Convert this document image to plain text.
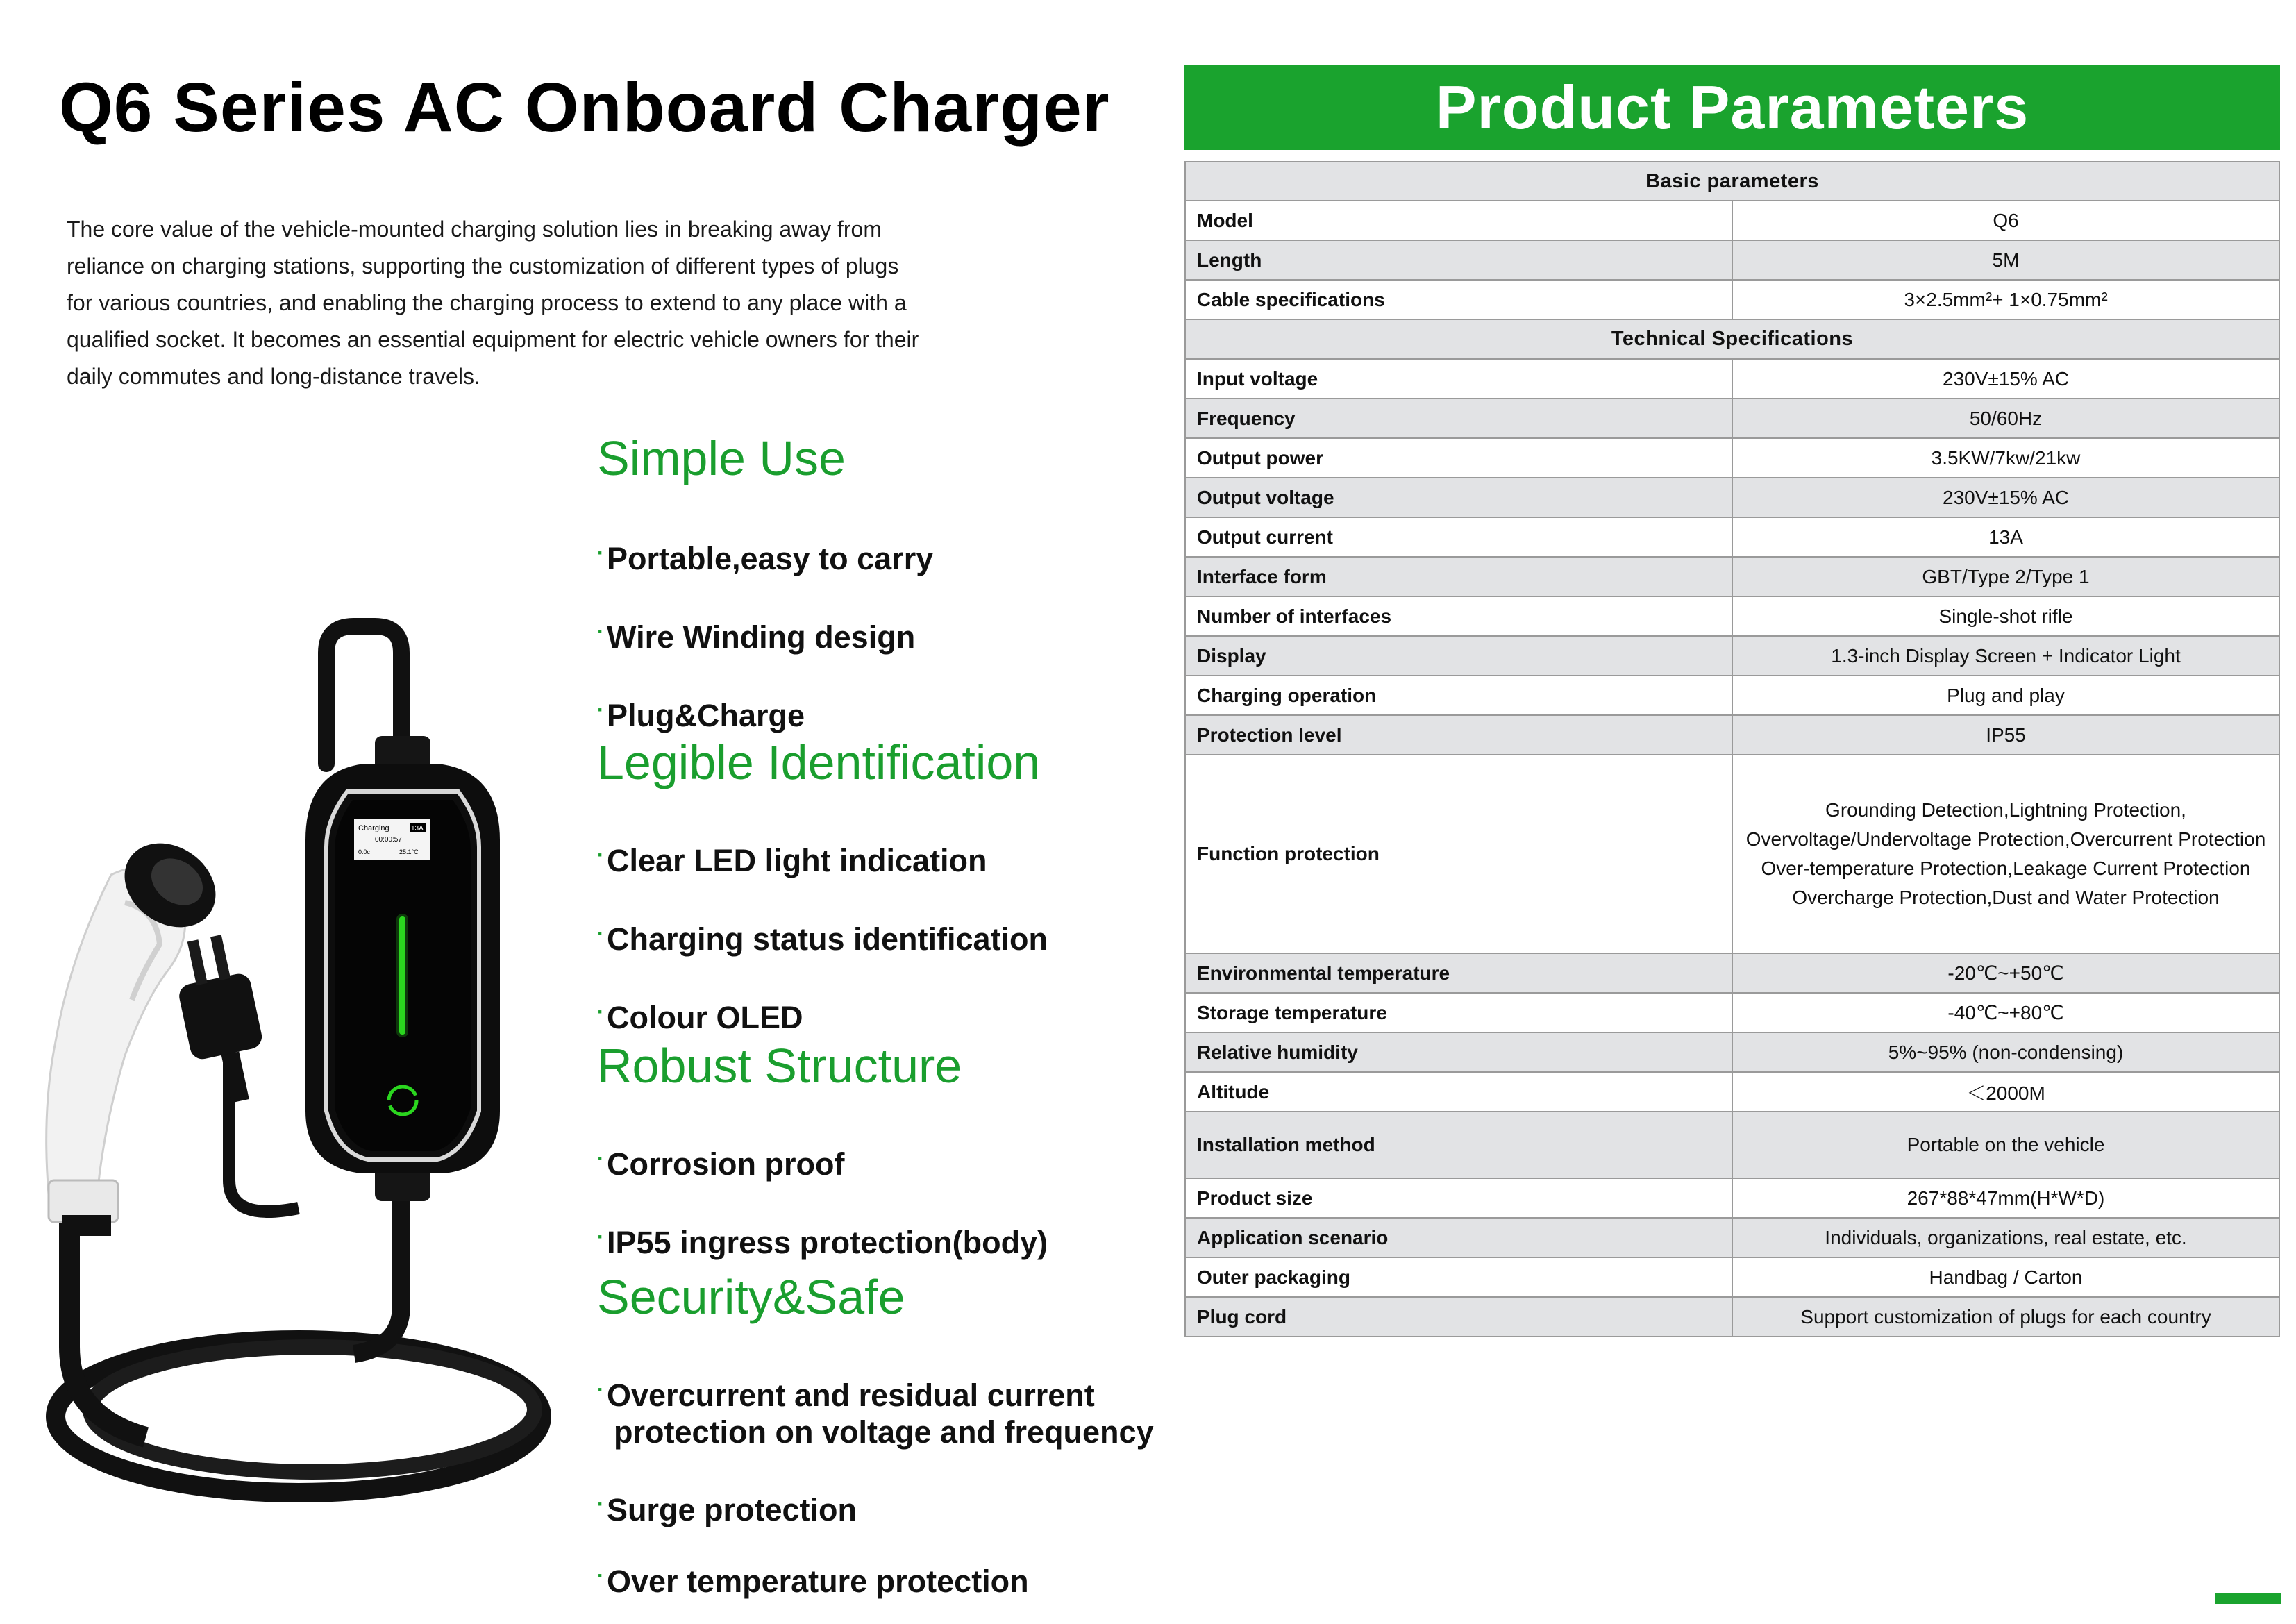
Q6 Series AC Onboard Charger

The core value of the vehicle-mounted charging solution lies in breaking away from

reliance on charging stations, supporting the customization of different types of plugs

for various countries, and enabling the charging process to extend to any place with a

qualified socket. It becomes an essential equipment for electric vehicle owners for their

daily commutes and long-distance travels.

Simple Use
·Portable,easy to carry
·Wire Winding design
·Plug&Charge
Legible Identification
·Clear LED light indication
·Charging status identification
·Colour OLED
Robust Structure
·Corrosion proof
·IP55 ingress protection(body)
Security&Safe
·Overcurrent and residual current
protection on voltage and frequency
·Surge protection
·Over temperature protection
Charging	13A
00:00:57
0.0c	25.1°C
Product Parameters
Basic parameters	
Model	Q6
Length	5M
Cable specifications	3×2.5mm²+ 1×0.75mm²
Technical Specifications	
Input voltage	230V±15% AC
Frequency	50/60Hz
Output power	3.5KW/7kw/21kw
Output voltage	230V±15% AC
Output current	13A
Interface form	GBT/Type 2/Type 1
Number of interfaces	Single-shot rifle
Display	1.3-inch Display Screen + Indicator Light
Charging operation	Plug and play
Protection level	IP55
Function protection	Grounding Detection,Lightning Protection,
Overvoltage/Undervoltage Protection,Overcurrent Protection
Over-temperature Protection,Leakage Current Protection
Overcharge Protection,Dust and Water Protection

Environmental temperature	-20℃~+50℃
Storage temperature	-40℃~+80℃
Relative humidity	5%~95% (non-condensing)
Altitude	＜2000M
Installation method	Portable on the vehicle
Product size	267*88*47mm(H*W*D)
Application scenario	Individuals, organizations, real estate, etc.
Outer packaging	Handbag / Carton
Plug cord	Support customization of plugs for each country
